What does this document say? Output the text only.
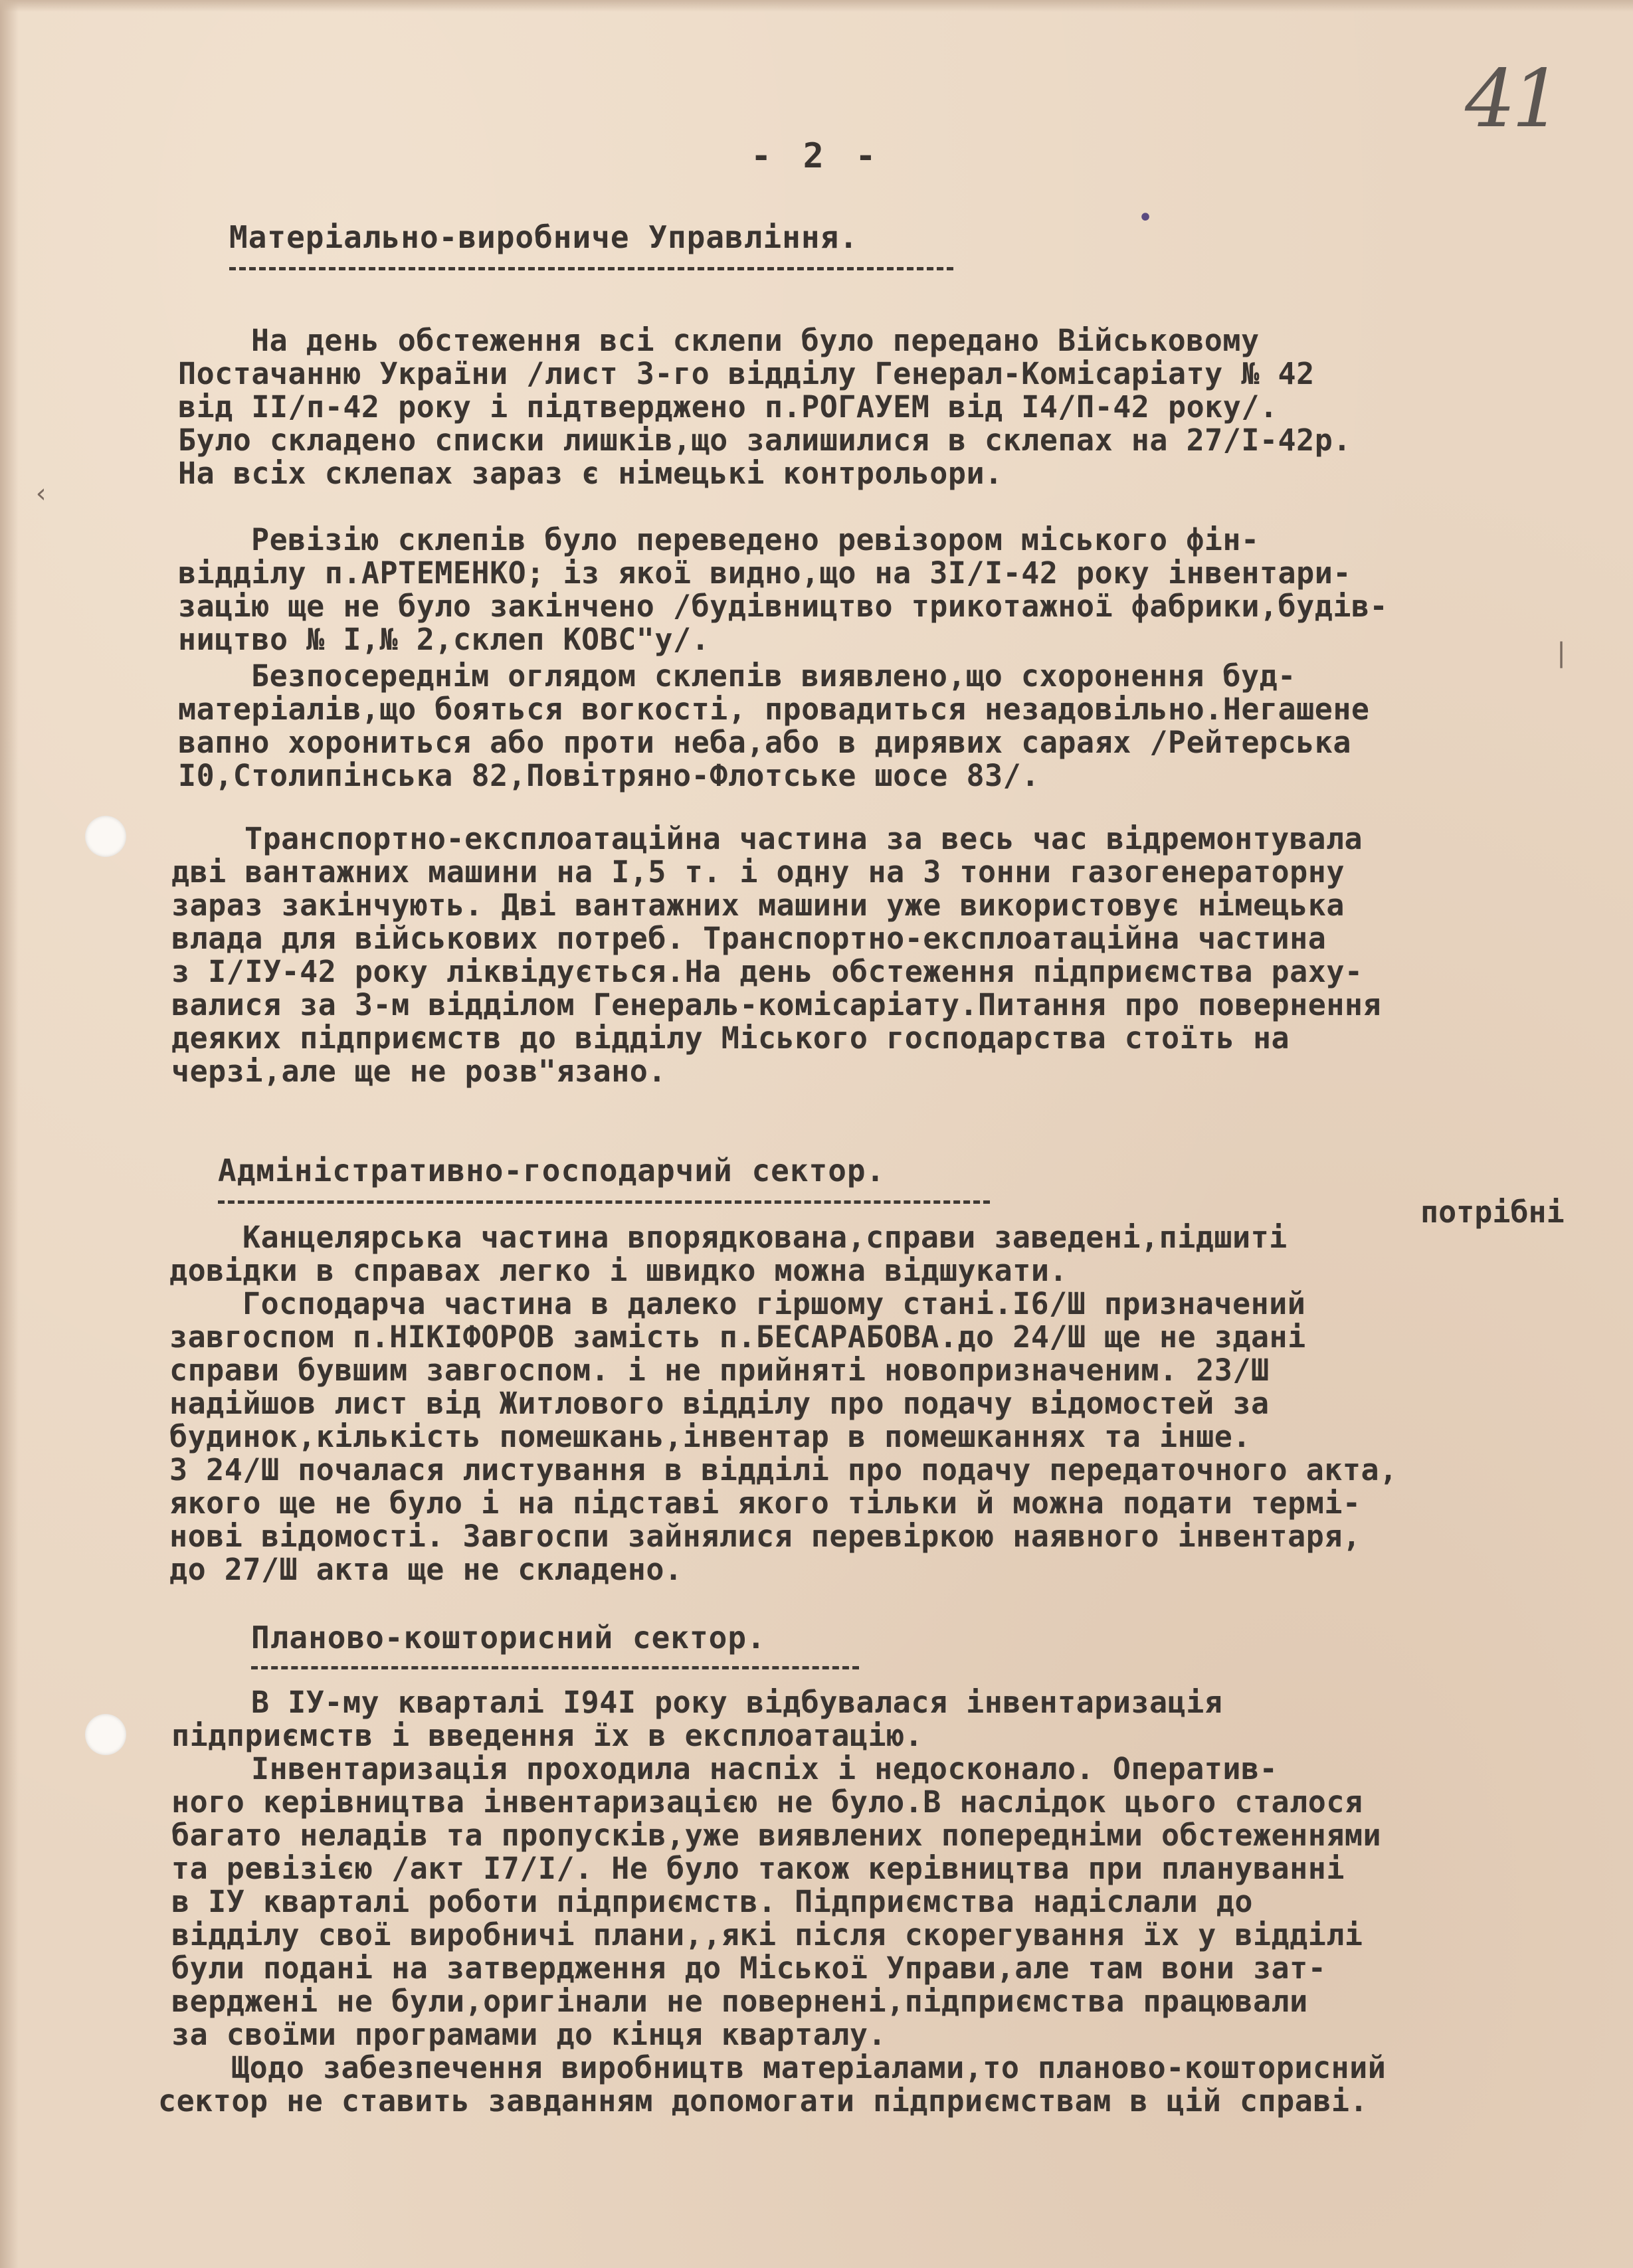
41
- 2 -
•
‹
|
Матеріально-виробниче Управління.
На день обстеження всі склепи було передано Військовому
Постачанню України /лист 3-го відділу Генерал-Комісаріату № 42
від II/п-42 року і підтверджено п.РОГАУЕМ від I4/П-42 року/.
Було складено списки лишків,що залишилися в склепах на 27/I-42р.
На всіх склепах зараз є німецькі контрольори.
Ревізію склепів було переведено ревізором міського фін-
відділу п.АРТЕМЕНКО; із якої видно,що на 3I/I-42 року інвентари-
зацію ще не було закінчено /будівництво трикотажної фабрики,будів-
ництво № I,№ 2,склеп КОВС"у/.
Безпосереднім оглядом склепів виявлено,що схоронення буд-
матеріалів,що бояться вогкості, провадиться незадовільно.Негашене
вапно хорониться або проти неба,або в дирявих сараях /Рейтерська
I0,Столипінська 82,Повітряно-Флотське шосе 83/.
Транспортно-експлоатаційна частина за весь час відремонтувала
дві вантажних машини на I,5 т. і одну на 3 тонни газогенераторну
зараз закінчують. Дві вантажних машини уже використовує німецька
влада для військових потреб. Транспортно-експлоатаційна частина
з I/IУ-42 року ліквідується.На день обстеження підприємства раху-
валися за 3-м відділом Генераль-комісаріату.Питання про повернення
деяких підприємств до відділу Міського господарства стоїть на
черзі,але ще не розв"язано.
Адміністративно-господарчий сектор.
потрібні
Канцелярська частина впорядкована,справи заведені,підшиті
довідки в справах легко і швидко можна відшукати.
Господарча частина в далеко гіршому стані.I6/Ш призначений
завгоспом п.НІКІФОРОВ замість п.БЕСАРАБОВА.до 24/Ш ще не здані
справи бувшим завгоспом. і не прийняті новопризначеним. 23/Ш
надійшов лист від Житлового відділу про подачу відомостей за
будинок,кількість помешкань,інвентар в помешканнях та інше.
З 24/Ш почалася листування в відділі про подачу передаточного акта,
якого ще не було і на підставі якого тільки й можна подати термі-
нові відомості. Завгоспи зайнялися перевіркою наявного інвентаря,
до 27/Ш акта ще не складено.
Планово-кошторисний сектор.
В IУ-му кварталі I94I року відбувалася інвентаризація
підприємств і введення їх в експлоатацію.
Інвентаризація проходила наспіх і недосконало. Оператив-
ного керівництва інвентаризацією не було.В наслідок цього сталося
багато неладів та пропусків,уже виявлених попередніми обстеженнями
та ревізією /акт I7/I/. Не було також керівництва при плануванні
в IУ кварталі роботи підприємств. Підприємства надіслали до
відділу свої виробничі плани,,які після скорегування їх у відділі
були подані на затвердження до Міської Управи,але там вони зат-
верджені не були,оригінали не повернені,підприємства працювали
за своїми програмами до кінця кварталу.
Щодо забезпечення виробництв матеріалами,то планово-кошторисний
сектор не ставить завданням допомогати підприємствам в цій справі.
